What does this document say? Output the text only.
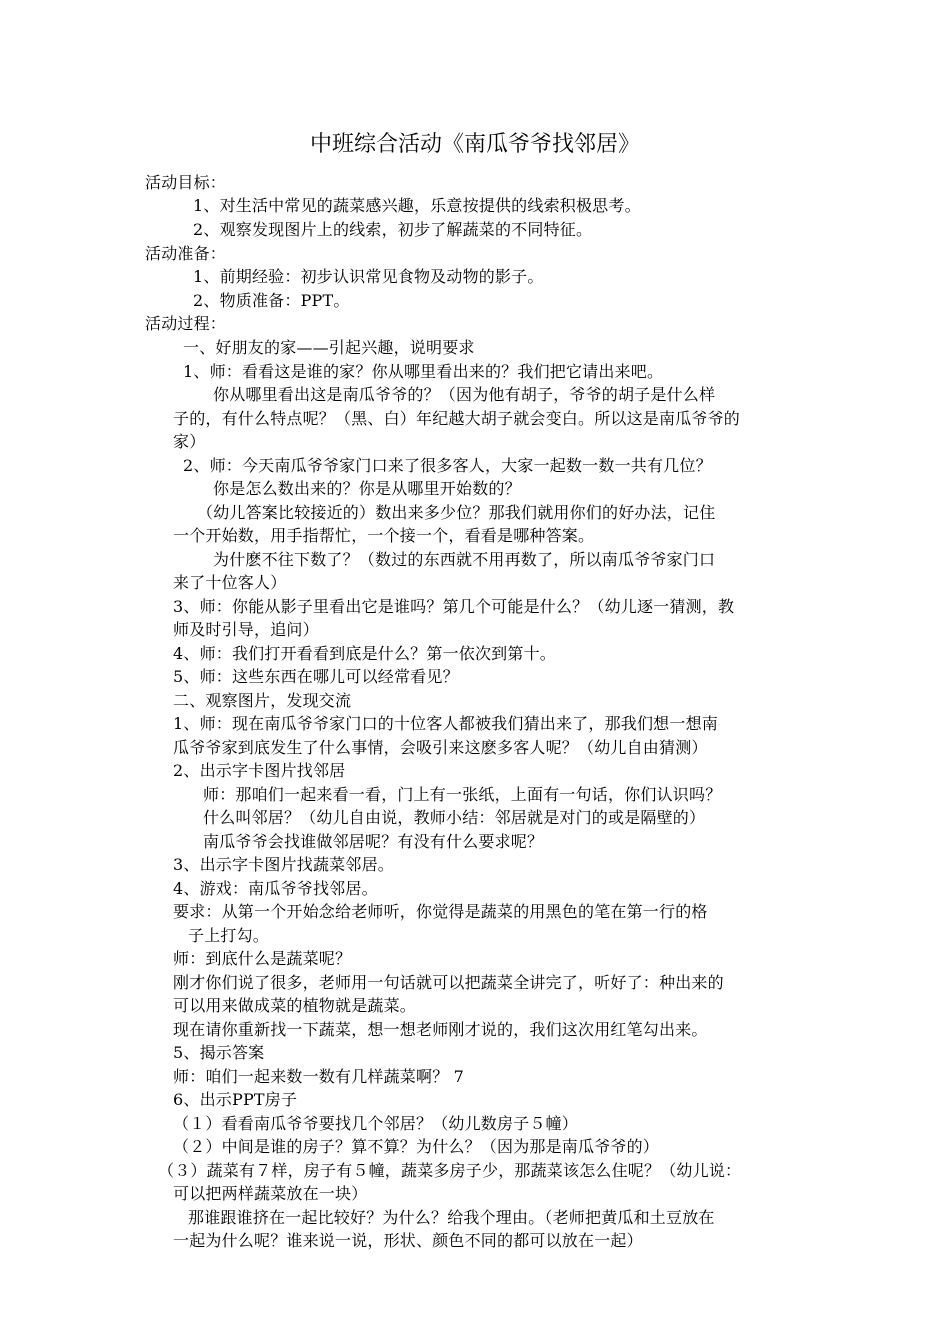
中班综合活动《南瓜爷爷找邻居》
活动目标：
1、对生活中常见的蔬菜感兴趣，乐意按提供的线索积极思考。
2、观察发现图片上的线索，初步了解蔬菜的不同特征。
活动准备：
1、前期经验：初步认识常见食物及动物的影子。
2、物质准备：PPT。
活动过程：
一、好朋友的家——引起兴趣，说明要求
1、师：看看这是谁的家？你从哪里看出来的？我们把它请出来吧。
你从哪里看出这是南瓜爷爷的？（因为他有胡子，爷爷的胡子是什么样
子的，有什么特点呢？（黑、白）年纪越大胡子就会变白。所以这是南瓜爷爷的
家）
2、师：今天南瓜爷爷家门口来了很多客人，大家一起数一数一共有几位？
你是怎么数出来的？你是从哪里开始数的？
（幼儿答案比较接近的）数出来多少位？那我们就用你们的好办法，记住
一个开始数，用手指帮忙，一个接一个，看看是哪种答案。
为什麽不往下数了？（数过的东西就不用再数了，所以南瓜爷爷家门口
来了十位客人）
3、师：你能从影子里看出它是谁吗？第几个可能是什么？（幼儿逐一猜测，教
师及时引导，追问）
4、师：我们打开看看到底是什么？第一依次到第十。
5、师：这些东西在哪儿可以经常看见？
二、观察图片，发现交流
1、师：现在南瓜爷爷家门口的十位客人都被我们猜出来了，那我们想一想南
瓜爷爷家到底发生了什么事情，会吸引来这麽多客人呢？（幼儿自由猜测）
2、出示字卡图片找邻居
师：那咱们一起来看一看，门上有一张纸，上面有一句话，你们认识吗？
什么叫邻居？（幼儿自由说，教师小结：邻居就是对门的或是隔壁的）
南瓜爷爷会找谁做邻居呢？有没有什么要求呢？
3、出示字卡图片找蔬菜邻居。
4、游戏：南瓜爷爷找邻居。
要求：从第一个开始念给老师听，你觉得是蔬菜的用黑色的笔在第一行的格
子上打勾。
师：到底什么是蔬菜呢？
刚才你们说了很多，老师用一句话就可以把蔬菜全讲完了，听好了：种出来的
可以用来做成菜的植物就是蔬菜。
现在请你重新找一下蔬菜，想一想老师刚才说的，我们这次用红笔勾出来。
5、揭示答案
师：咱们一起来数一数有几样蔬菜啊？ 7
6、出示PPT房子
（１）看看南瓜爷爷要找几个邻居？（幼儿数房子５幢）
（２）中间是谁的房子？算不算？为什么？（因为那是南瓜爷爷的）
（３）蔬菜有７样，房子有５幢，蔬菜多房子少，那蔬菜该怎么住呢？（幼儿说：
可以把两样蔬菜放在一块）
那谁跟谁挤在一起比较好？为什么？给我个理由。（老师把黄瓜和土豆放在
一起为什么呢？谁来说一说，形状、颜色不同的都可以放在一起）
